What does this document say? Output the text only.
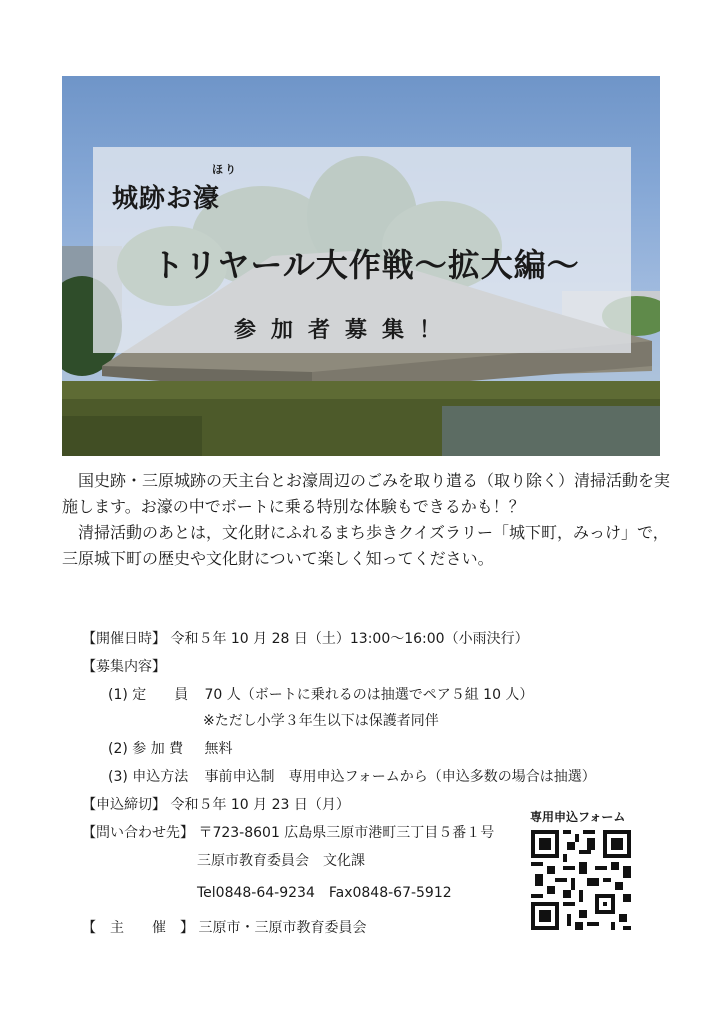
城跡お濠
ほり
トリヤール大作戦～拡大編～
参加者募集！

国史跡・三原城跡の天主台とお濠周辺のごみを取り遣る（取り除く）清掃活動を実施します。お濠の中でボートに乗る特別な体験もできるかも！？

清掃活動のあとは，文化財にふれるまち歩きクイズラリー「城下町，みっけ」で，三原城下町の歴史や文化財について楽しく知ってください。

【開催日時】 令和５年 10 月 28 日（土）13:00～16:00（小雨決行）
【募集内容】
(1) 定　　員 70 人（ボートに乗れるのは抽選でペア５組 10 人）
※ただし小学３年生以下は保護者同伴
(2) 参 加 費 無料
(3) 申込方法 事前申込制　専用申込フォームから（申込多数の場合は抽選）
【申込締切】 令和５年 10 月 23 日（月）
【問い合わせ先】 〒723-8601 広島県三原市港町三丁目５番１号
三原市教育委員会　文化課
Tel0848-64-9234　Fax0848-67-5912
【　主　　催　】 三原市・三原市教育委員会
専用申込フォーム
